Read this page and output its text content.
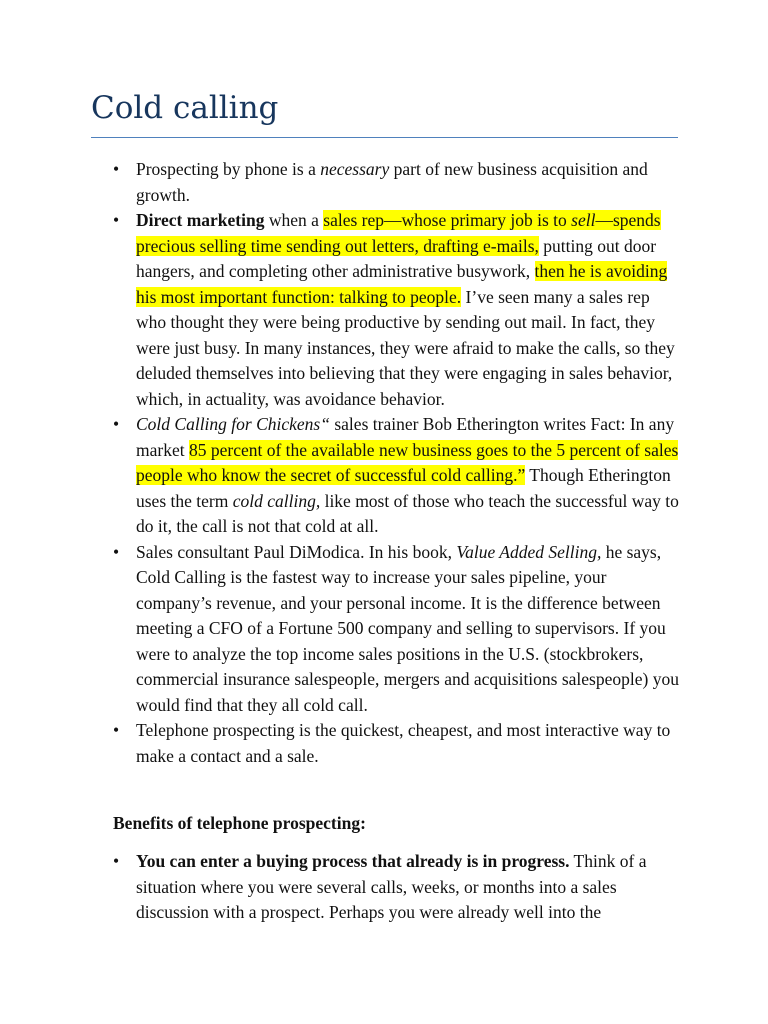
Cold calling
• Prospecting by phone is a necessary part of new business acquisition and growth.
• Direct marketing when a sales rep—whose primary job is to sell—spends precious selling time sending out letters, drafting e-mails, putting out door hangers, and completing other administrative busywork, then he is avoiding his most important function: talking to people. I’ve seen many a sales rep who thought they were being productive by sending out mail. In fact, they were just busy. In many instances, they were afraid to make the calls, so they deluded themselves into believing that they were engaging in sales behavior, which, in actuality, was avoidance behavior.
• Cold Calling for Chickens“ sales trainer Bob Etherington writes Fact: In any market 85 percent of the available new business goes to the 5 percent of sales people who know the secret of successful cold calling.” Though Etherington uses the term cold calling, like most of those who teach the successful way to do it, the call is not that cold at all.
• Sales consultant Paul DiModica. In his book, Value Added Selling, he says, Cold Calling is the fastest way to increase your sales pipeline, your company’s revenue, and your personal income. It is the difference between meeting a CFO of a Fortune 500 company and selling to supervisors. If you were to analyze the top income sales positions in the U.S. (stockbrokers, commercial insurance salespeople, mergers and acquisitions salespeople) you would find that they all cold call.
• Telephone prospecting is the quickest, cheapest, and most interactive way to make a contact and a sale.

Benefits of telephone prospecting:

• You can enter a buying process that already is in progress. Think of a situation where you were several calls, weeks, or months into a sales discussion with a prospect. Perhaps you were already well into the
